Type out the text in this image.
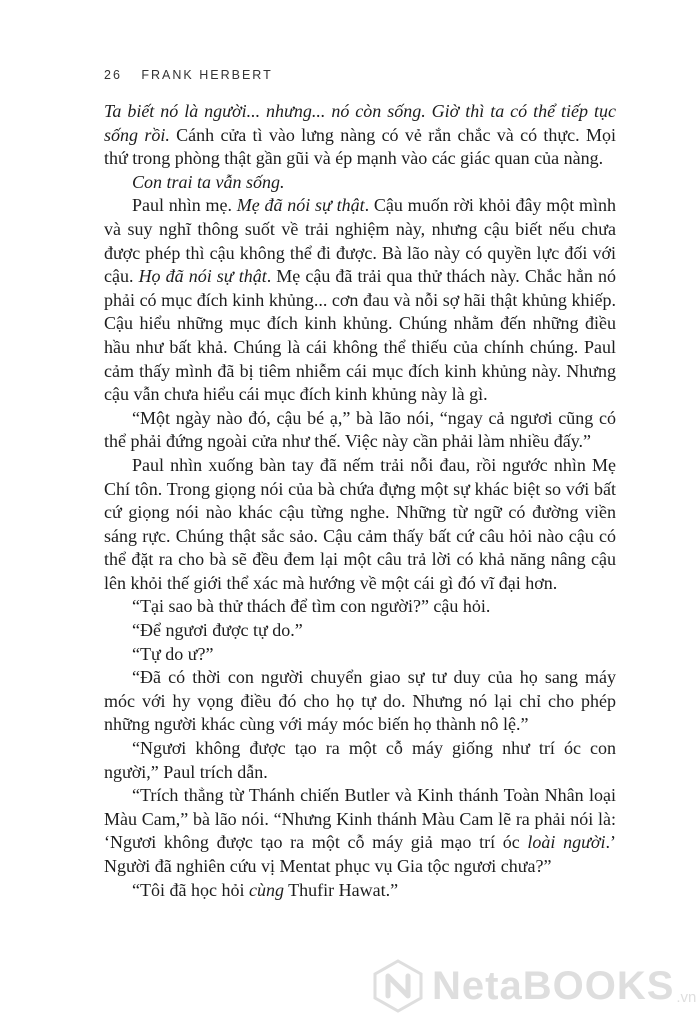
26 FRANK HERBERT

Ta biết nó là người... nhưng... nó còn sống. Giờ thì ta có thể tiếp tục sống rồi. Cánh cửa tì vào lưng nàng có vẻ rắn chắc và có thực. Mọi thứ trong phòng thật gần gũi và ép mạnh vào các giác quan của nàng.

Con trai ta vẫn sống.

Paul nhìn mẹ. Mẹ đã nói sự thật. Cậu muốn rời khỏi đây một mình và suy nghĩ thông suốt về trải nghiệm này, nhưng cậu biết nếu chưa được phép thì cậu không thể đi được. Bà lão này có quyền lực đối với cậu. Họ đã nói sự thật. Mẹ cậu đã trải qua thử thách này. Chắc hẳn nó phải có mục đích kinh khủng... cơn đau và nỗi sợ hãi thật khủng khiếp. Cậu hiểu những mục đích kinh khủng. Chúng nhằm đến những điều hầu như bất khả. Chúng là cái không thể thiếu của chính chúng. Paul cảm thấy mình đã bị tiêm nhiễm cái mục đích kinh khủng này. Nhưng cậu vẫn chưa hiểu cái mục đích kinh khủng này là gì.

“Một ngày nào đó, cậu bé ạ,” bà lão nói, “ngay cả ngươi cũng có thể phải đứng ngoài cửa như thế. Việc này cần phải làm nhiều đấy.”

Paul nhìn xuống bàn tay đã nếm trải nỗi đau, rồi ngước nhìn Mẹ Chí tôn. Trong giọng nói của bà chứa đựng một sự khác biệt so với bất cứ giọng nói nào khác cậu từng nghe. Những từ ngữ có đường viền sáng rực. Chúng thật sắc sảo. Cậu cảm thấy bất cứ câu hỏi nào cậu có thể đặt ra cho bà sẽ đều đem lại một câu trả lời có khả năng nâng cậu lên khỏi thế giới thể xác mà hướng về một cái gì đó vĩ đại hơn.

“Tại sao bà thử thách để tìm con người?” cậu hỏi.

“Để ngươi được tự do.”

“Tự do ư?”

“Đã có thời con người chuyển giao sự tư duy của họ sang máy móc với hy vọng điều đó cho họ tự do. Nhưng nó lại chỉ cho phép những người khác cùng với máy móc biến họ thành nô lệ.”

“Ngươi không được tạo ra một cỗ máy giống như trí óc con người,” Paul trích dẫn.

“Trích thẳng từ Thánh chiến Butler và Kinh thánh Toàn Nhân loại Màu Cam,” bà lão nói. “Nhưng Kinh thánh Màu Cam lẽ ra phải nói là: ‘Ngươi không được tạo ra một cỗ máy giả mạo trí óc loài người.’ Người đã nghiên cứu vị Mentat phục vụ Gia tộc ngươi chưa?”

“Tôi đã học hỏi cùng Thufir Hawat.”

NetaBOOKS .vn
